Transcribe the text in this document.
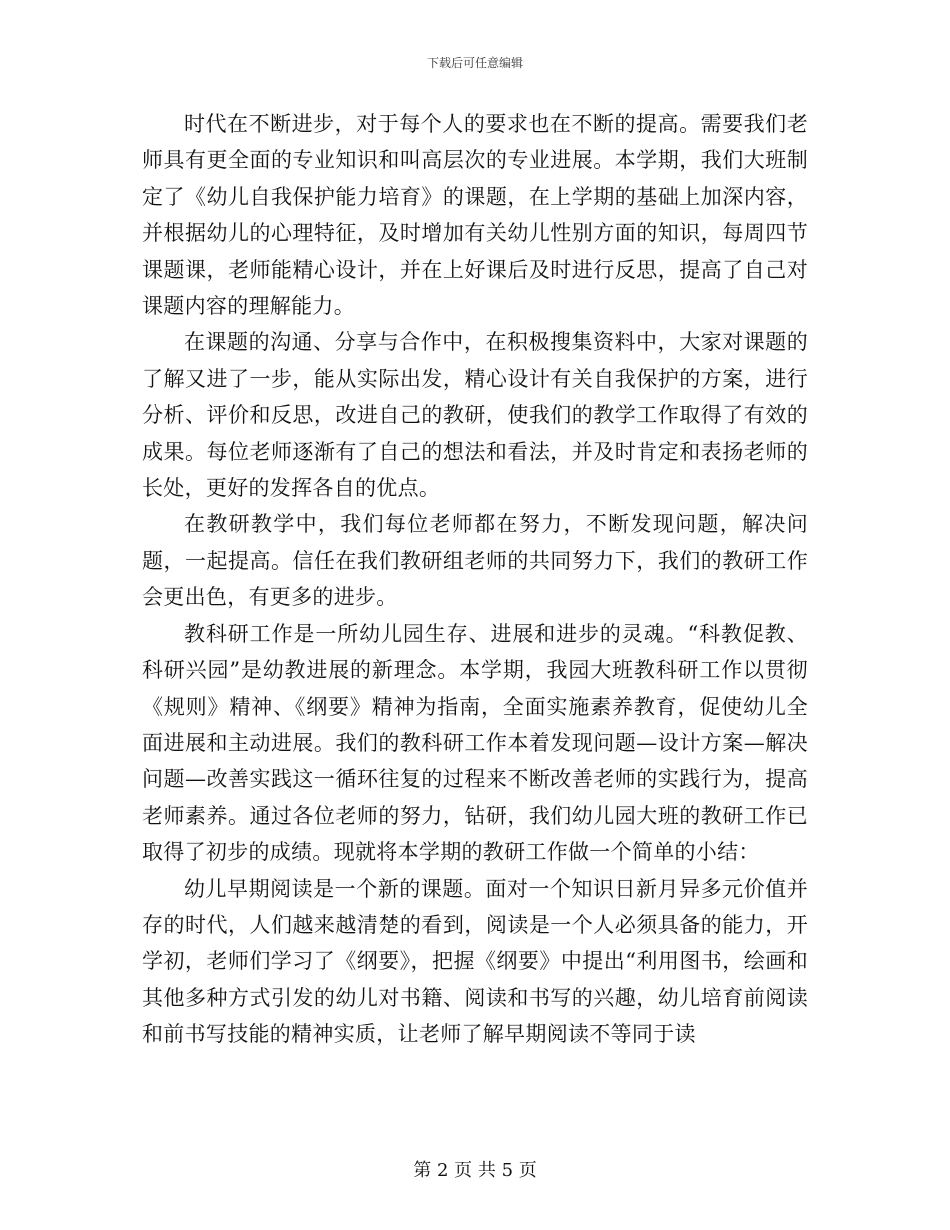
下载后可任意编辑

时代在不断进步，对于每个人的要求也在不断的提高。需要我们老师具有更全面的专业知识和叫高层次的专业进展。本学期，我们大班制定了《幼儿自我保护能力培育》的课题，在上学期的基础上加深内容，并根据幼儿的心理特征，及时增加有关幼儿性别方面的知识，每周四节课题课，老师能精心设计，并在上好课后及时进行反思，提高了自己对课题内容的理解能力。

在课题的沟通、分享与合作中，在积极搜集资料中，大家对课题的了解又进了一步，能从实际出发，精心设计有关自我保护的方案，进行分析、评价和反思，改进自己的教研，使我们的教学工作取得了有效的成果。每位老师逐渐有了自己的想法和看法，并及时肯定和表扬老师的长处，更好的发挥各自的优点。

在教研教学中，我们每位老师都在努力，不断发现问题，解决问题，一起提高。信任在我们教研组老师的共同努力下，我们的教研工作会更出色，有更多的进步。

教科研工作是一所幼儿园生存、进展和进步的灵魂。“科教促教、科研兴园”是幼教进展的新理念。本学期，我园大班教科研工作以贯彻《规则》精神、《纲要》精神为指南，全面实施素养教育，促使幼儿全面进展和主动进展。我们的教科研工作本着发现问题—设计方案—解决问题—改善实践这一循环往复的过程来不断改善老师的实践行为，提高老师素养。通过各位老师的努力，钻研，我们幼儿园大班的教研工作已取得了初步的成绩。现就将本学期的教研工作做一个简单的小结：

幼儿早期阅读是一个新的课题。面对一个知识日新月异多元价值并存的时代，人们越来越清楚的看到，阅读是一个人必须具备的能力，开学初，老师们学习了《纲要》，把握《纲要》中提出“利用图书，绘画和其他多种方式引发的幼儿对书籍、阅读和书写的兴趣，幼儿培育前阅读和前书写技能的精神实质，让老师了解早期阅读不等同于读

第 2 页 共 5 页
